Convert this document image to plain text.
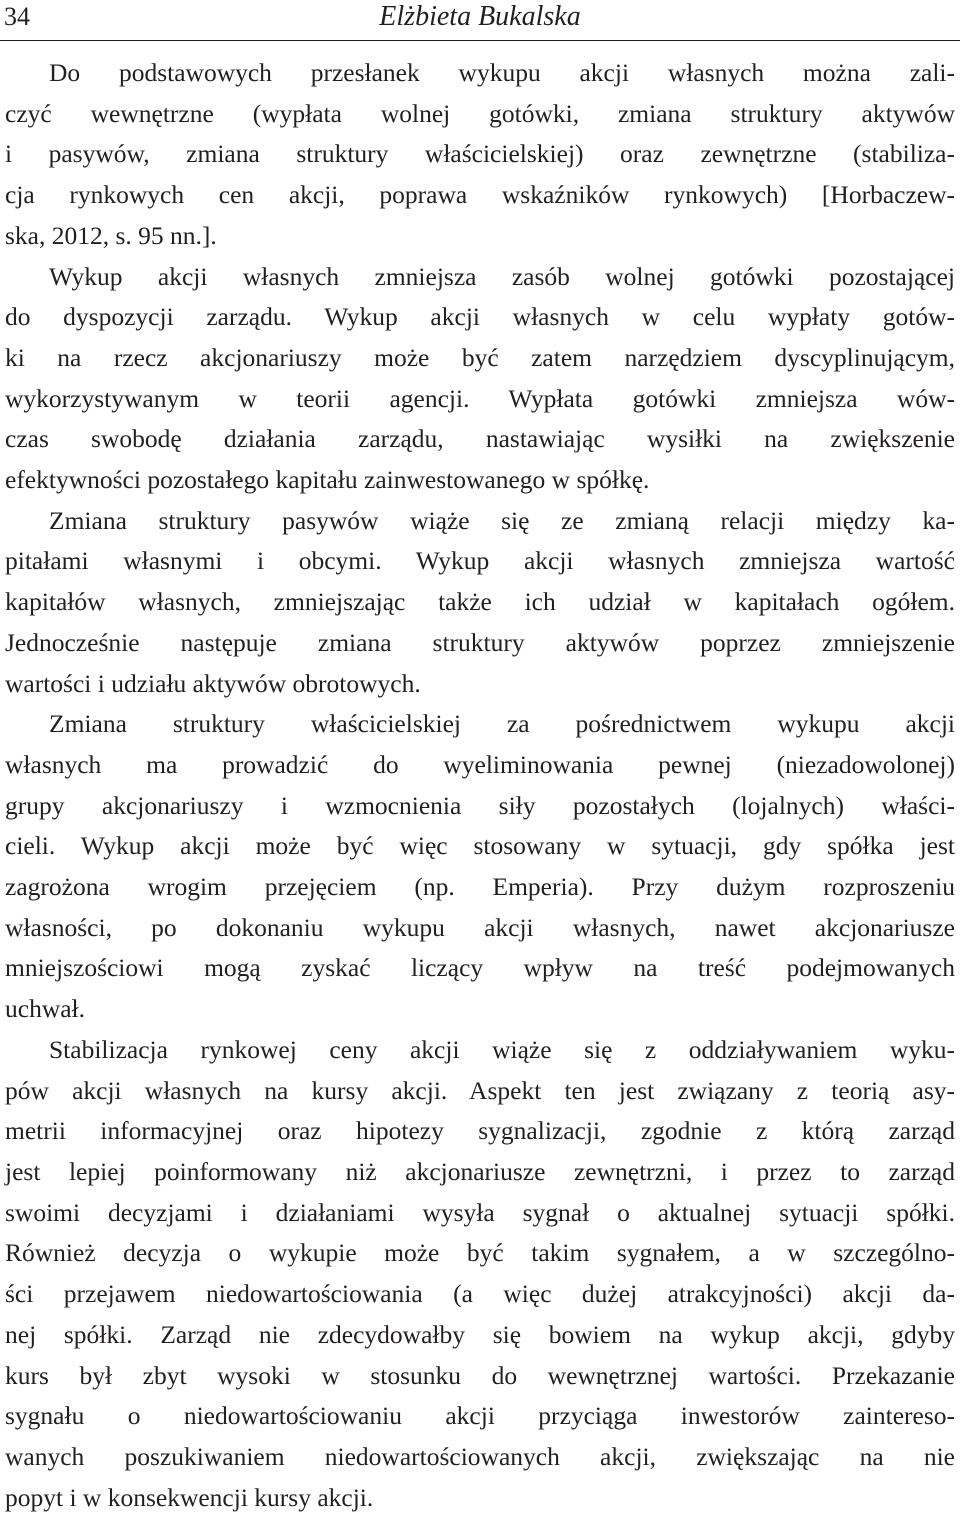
34	Elżbieta Bukalska

Do podstawowych przesłanek wykupu akcji własnych można zali-
czyć wewnętrzne (wypłata wolnej gotówki, zmiana struktury aktywów
i pasywów, zmiana struktury właścicielskiej) oraz zewnętrzne (stabiliza-
cja rynkowych cen akcji, poprawa wskaźników rynkowych) [Horbaczew-
ska, 2012, s. 95 nn.].

Wykup akcji własnych zmniejsza zasób wolnej gotówki pozostającej
do dyspozycji zarządu. Wykup akcji własnych w celu wypłaty gotów-
ki na rzecz akcjonariuszy może być zatem narzędziem dyscyplinującym,
wykorzystywanym w teorii agencji. Wypłata gotówki zmniejsza wów-
czas swobodę działania zarządu, nastawiając wysiłki na zwiększenie
efektywności pozostałego kapitału zainwestowanego w spółkę.

Zmiana struktury pasywów wiąże się ze zmianą relacji między ka-
pitałami własnymi i obcymi. Wykup akcji własnych zmniejsza wartość
kapitałów własnych, zmniejszając także ich udział w kapitałach ogółem.
Jednocześnie następuje zmiana struktury aktywów poprzez zmniejszenie
wartości i udziału aktywów obrotowych.

Zmiana struktury właścicielskiej za pośrednictwem wykupu akcji
własnych ma prowadzić do wyeliminowania pewnej (niezadowolonej)
grupy akcjonariuszy i wzmocnienia siły pozostałych (lojalnych) właści-
cieli. Wykup akcji może być więc stosowany w sytuacji, gdy spółka jest
zagrożona wrogim przejęciem (np. Emperia). Przy dużym rozproszeniu
własności, po dokonaniu wykupu akcji własnych, nawet akcjonariusze
mniejszościowi mogą zyskać liczący wpływ na treść podejmowanych
uchwał.

Stabilizacja rynkowej ceny akcji wiąże się z oddziaływaniem wyku-
pów akcji własnych na kursy akcji. Aspekt ten jest związany z teorią asy-
metrii informacyjnej oraz hipotezy sygnalizacji, zgodnie z którą zarząd
jest lepiej poinformowany niż akcjonariusze zewnętrzni, i przez to zarząd
swoimi decyzjami i działaniami wysyła sygnał o aktualnej sytuacji spółki.
Również decyzja o wykupie może być takim sygnałem, a w szczególno-
ści przejawem niedowartościowania (a więc dużej atrakcyjności) akcji da-
nej spółki. Zarząd nie zdecydowałby się bowiem na wykup akcji, gdyby
kurs był zbyt wysoki w stosunku do wewnętrznej wartości. Przekazanie
sygnału o niedowartościowaniu akcji przyciąga inwestorów zaintereso-
wanych poszukiwaniem niedowartościowanych akcji, zwiększając na nie
popyt i w konsekwencji kursy akcji.
